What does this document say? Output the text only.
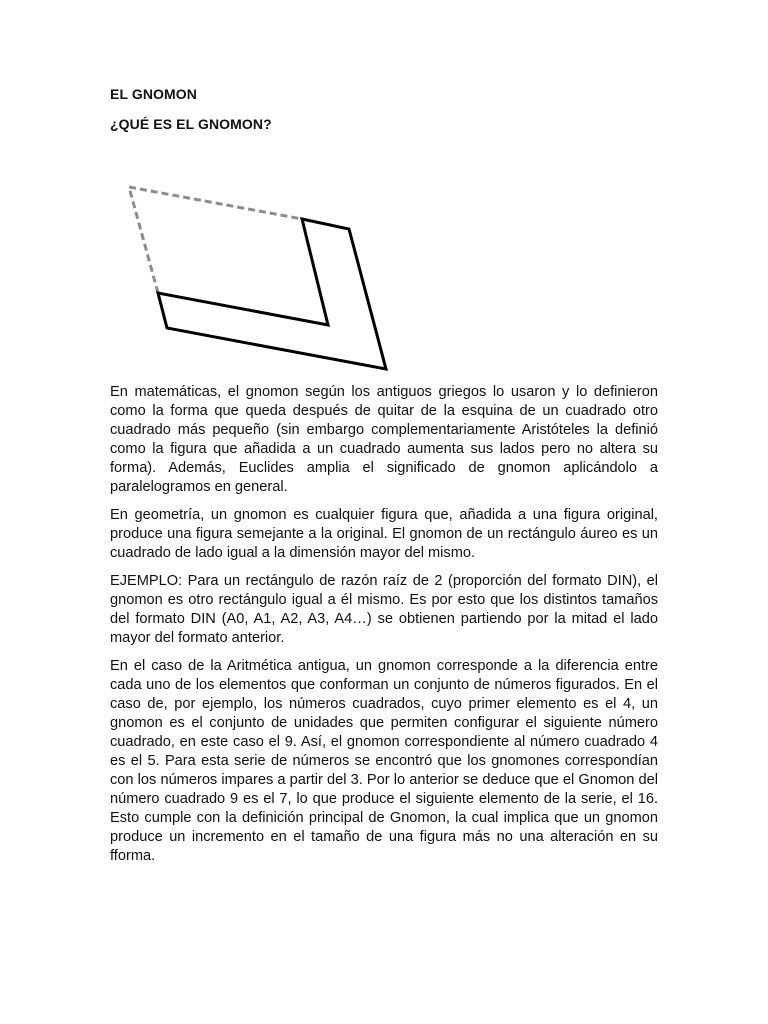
EL GNOMON
¿QUÉ ES EL GNOMON?

En matemáticas, el gnomon según los antiguos griegos lo usaron y lo definieron como la forma que queda después de quitar de la esquina de un cuadrado otro cuadrado más pequeño (sin embargo complementariamente Aristóteles la definió como la figura que añadida a un cuadrado aumenta sus lados pero no altera su forma). Además, Euclides amplia el significado de gnomon aplicándolo a paralelogramos en general.

En geometría, un gnomon es cualquier figura que, añadida a una figura original, produce una figura semejante a la original. El gnomon de un rectángulo áureo es un cuadrado de lado igual a la dimensión mayor del mismo.

EJEMPLO: Para un rectángulo de razón raíz de 2 (proporción del formato DIN), el gnomon es otro rectángulo igual a él mismo. Es por esto que los distintos tamaños del formato DIN (A0, A1, A2, A3, A4…) se obtienen partiendo por la mitad el lado mayor del formato anterior.

En el caso de la Aritmética antigua, un gnomon corresponde a la diferencia entre cada uno de los elementos que conforman un conjunto de números figurados. En el caso de, por ejemplo, los números cuadrados, cuyo primer elemento es el 4, un gnomon es el conjunto de unidades que permiten configurar el siguiente número cuadrado, en este caso el 9. Así, el gnomon correspondiente al número cuadrado 4 es el 5. Para esta serie de números se encontró que los gnomones correspondían con los números impares a partir del 3. Por lo anterior se deduce que el Gnomon del número cuadrado 9 es el 7, lo que produce el siguiente elemento de la serie, el 16. Esto cumple con la definición principal de Gnomon, la cual implica que un gnomon produce un incremento en el tamaño de una figura más no una alteración en su fforma.
